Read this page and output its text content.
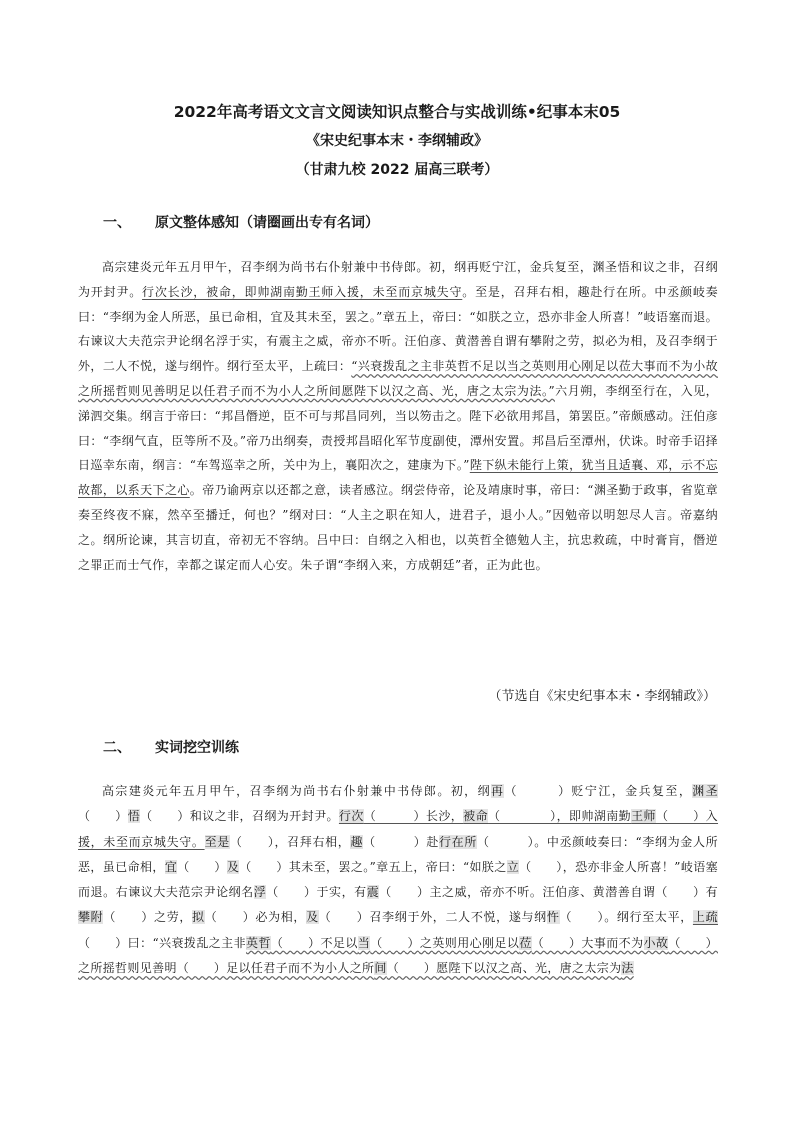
2022年高考语文文言文阅读知识点整合与实战训练•纪事本末05
《宋史纪事本末・李纲辅政》
（甘肃九校 2022 届高三联考）
一、 原文整体感知（请圈画出专有名词）
高宗建炎元年五月甲午，召李纲为尚书右仆射兼中书侍郎。初，纲再贬宁江，金兵复至，渊圣悟和议之非，召纲为开封尹。行次长沙，被命，即帅湖南勤王师入援，未至而京城失守。至是，召拜右相，趣赴行在所。中丞颜岐奏曰：“李纲为金人所恶，虽已命相，宜及其未至，罢之。”章五上，帝曰：“如朕之立，恐亦非金人所喜！”岐语塞而退。右谏议大夫范宗尹论纲名浮于实，有震主之威，帝亦不听。汪伯彦、黄潜善自谓有攀附之劳，拟必为相，及召李纲于外，二人不悦，遂与纲忤。纲行至太平，上疏曰：“兴衰拨乱之主非英哲不足以当之英则用心刚足以莅大事而不为小故之所摇哲则见善明足以任君子而不为小人之所间愿陛下以汉之高、光，唐之太宗为法。”六月朔，李纲至行在，入见，涕泗交集。纲言于帝曰：“邦昌僭逆，臣不可与邦昌同列，当以笏击之。陛下必欲用邦昌，第罢臣。”帝颇感动。汪伯彦曰：“李纲气直，臣等所不及。”帝乃出纲奏，责授邦昌昭化军节度副使，潭州安置。邦昌后至潭州，伏诛。时帝手诏择日巡幸东南，纲言：“车驾巡幸之所，关中为上，襄阳次之，建康为下。”陛下纵未能行上策，犹当且适襄、邓，示不忘故都，以系天下之心。帝乃谕两京以还都之意，读者感泣。纲尝侍帝，论及靖康时事，帝曰：“渊圣勤于政事，省览章奏至终夜不寐，然卒至播迁，何也？”纲对曰：“人主之职在知人，进君子，退小人。”因勉帝以明恕尽人言。帝嘉纳之。纲所论谏，其言切直，帝初无不容纳。吕中曰：自纲之入相也，以英哲全德勉人主，抗忠救疏，中时膏肓，僭逆之罪正而士气作，幸都之谋定而人心安。朱子谓“李纲入来，方成朝廷”者，正为此也。
（节选自《宋史纪事本末・李纲辅政》）
二、 实词挖空训练
高宗建炎元年五月甲午，召李纲为尚书右仆射兼中书侍郎。初，纲再（　　　）贬宁江，金兵复至，渊圣（　　）悟（　　）和议之非，召纲为开封尹。行次（　　　）长沙，被命（　　　　），即帅湖南勤王师（　　）入援，未至而京城失守。至是（　　），召拜右相，趣（　　　）赴行在所（　　　）。中丞颜岐奏曰：“李纲为金人所恶，虽已命相，宜（　　）及（　　）其未至，罢之。”章五上，帝曰：“如朕之立（　　），恐亦非金人所喜！”岐语塞而退。右谏议大夫范宗尹论纲名浮（　　）于实，有震（　　）主之威，帝亦不听。汪伯彦、黄潜善自谓（　　）有攀附（　　）之劳，拟（　　）必为相，及（　　）召李纲于外，二人不悦，遂与纲忤（　　）。纲行至太平，上疏（　　）曰：“兴衰拨乱之主非英哲（　　）不足以当（　　）之英则用心刚足以莅（　　）大事而不为小故（　　）之所摇哲则见善明（　　）足以任君子而不为小人之所间（　　）愿陛下以汉之高、光，唐之太宗为法
